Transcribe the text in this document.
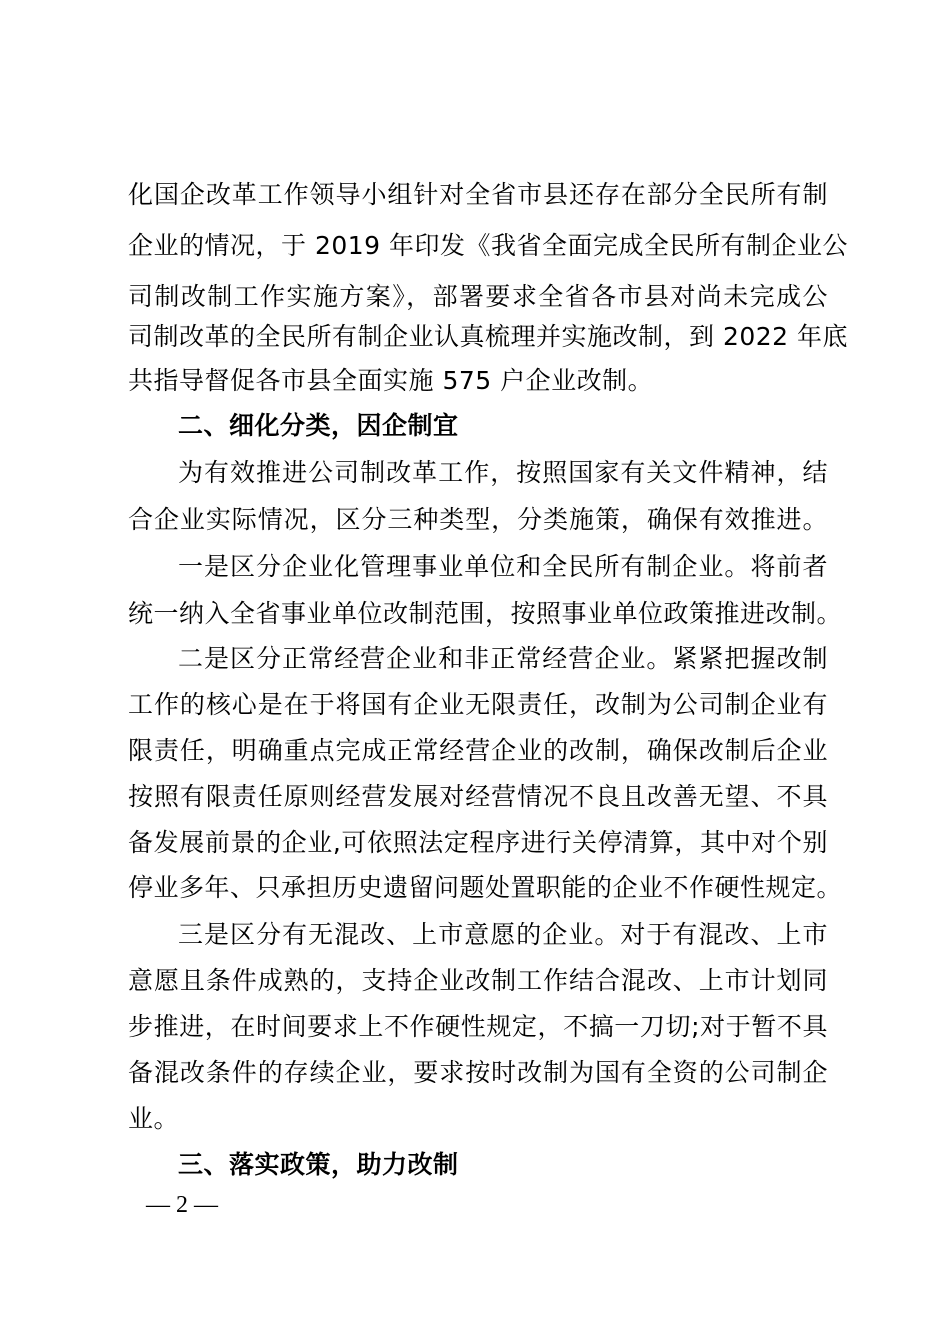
化国企改革工作领导小组针对全省市县还存在部分全民所有制
企业的情况，于 2019 年印发《我省全面完成全民所有制企业公
司制改制工作实施方案》，部署要求全省各市县对尚未完成公
司制改革的全民所有制企业认真梳理并实施改制，到 2022 年底
共指导督促各市县全面实施 575 户企业改制。
二、细化分类，因企制宜
为有效推进公司制改革工作，按照国家有关文件精神，结
合企业实际情况，区分三种类型，分类施策，确保有效推进。
一是区分企业化管理事业单位和全民所有制企业。将前者
统一纳入全省事业单位改制范围，按照事业单位政策推进改制。
二是区分正常经营企业和非正常经营企业。紧紧把握改制
工作的核心是在于将国有企业无限责任，改制为公司制企业有
限责任，明确重点完成正常经营企业的改制，确保改制后企业
按照有限责任原则经营发展对经营情况不良且改善无望、不具
备发展前景的企业,可依照法定程序进行关停清算，其中对个别
停业多年、只承担历史遗留问题处置职能的企业不作硬性规定。
三是区分有无混改、上市意愿的企业。对于有混改、上市
意愿且条件成熟的，支持企业改制工作结合混改、上市计划同
步推进，在时间要求上不作硬性规定，不搞一刀切;对于暂不具
备混改条件的存续企业，要求按时改制为国有全资的公司制企
业。
三、落实政策，助力改制
— 2 —
